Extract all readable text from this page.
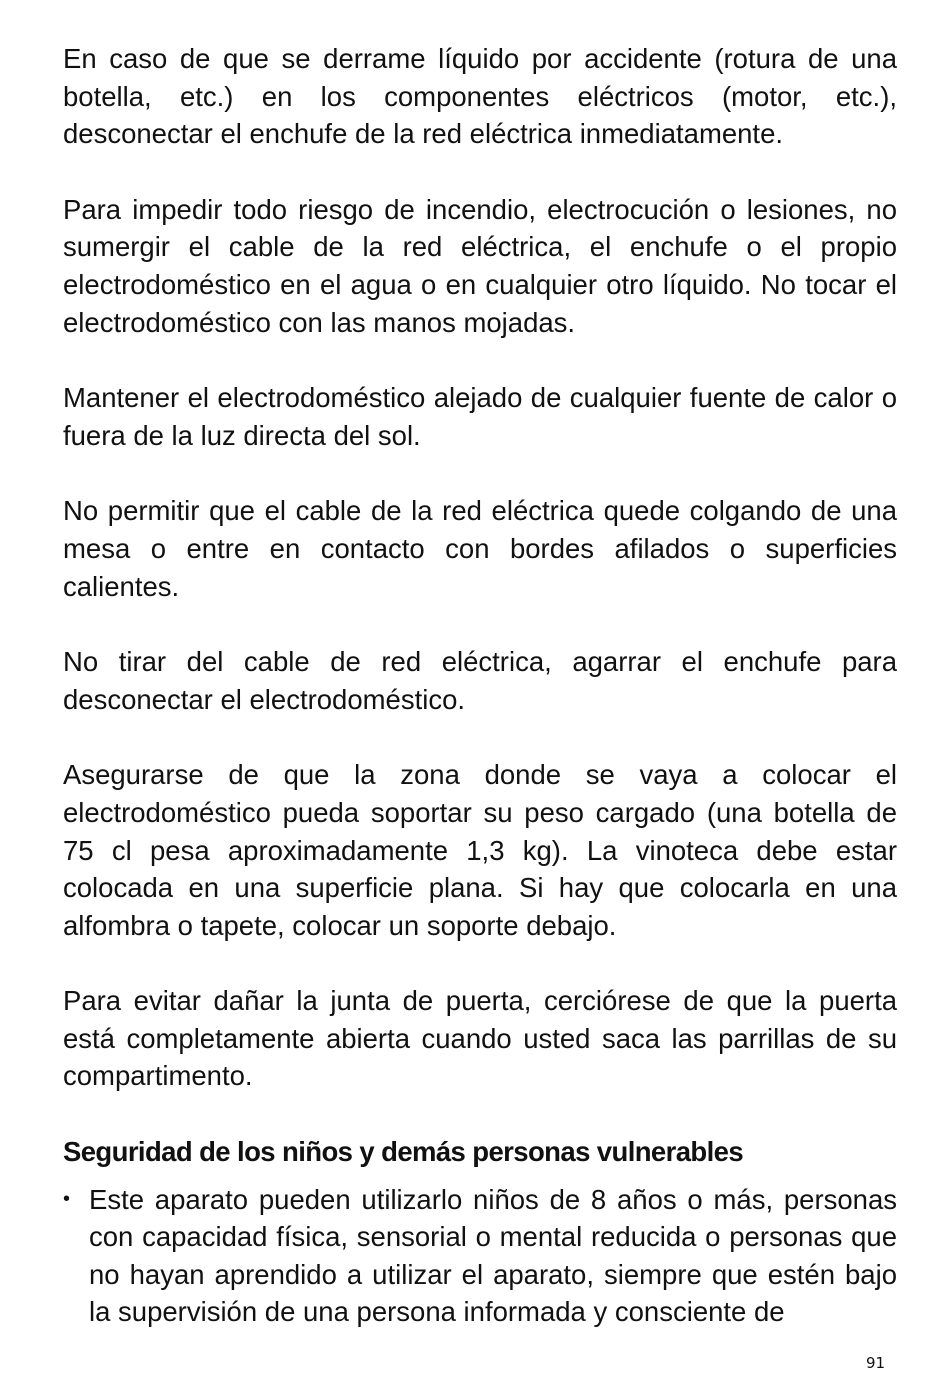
En caso de que se derrame líquido por accidente (rotura de una botella, etc.) en los componentes eléctricos (motor, etc.), desconectar el enchufe de la red eléctrica inmediatamente.

Para impedir todo riesgo de incendio, electrocución o lesiones, no sumergir el cable de la red eléctrica, el enchufe o el propio electrodoméstico en el agua o en cualquier otro líquido. No tocar el electrodoméstico con las manos mojadas.

Mantener el electrodoméstico alejado de cualquier fuente de calor o fuera de la luz directa del sol.

No permitir que el cable de la red eléctrica quede colgando de una mesa o entre en contacto con bordes afilados o superficies calientes.

No tirar del cable de red eléctrica, agarrar el enchufe para desconectar el electrodoméstico.

Asegurarse de que la zona donde se vaya a colocar el electrodoméstico pueda soportar su peso cargado (una botella de 75 cl pesa aproximadamente 1,3 kg). La vinoteca debe estar colocada en una superficie plana. Si hay que colocarla en una alfombra o tapete, colocar un soporte debajo.

Para evitar dañar la junta de puerta, cerciórese de que la puerta está completamente abierta cuando usted saca las parrillas de su compartimento.

Seguridad de los niños y demás personas vulnerables
• Este aparato pueden utilizarlo niños de 8 años o más, personas con capacidad física, sensorial o mental reducida o personas que no hayan aprendido a utilizar el aparato, siempre que estén bajo la supervisión de una persona informada y consciente de
91
